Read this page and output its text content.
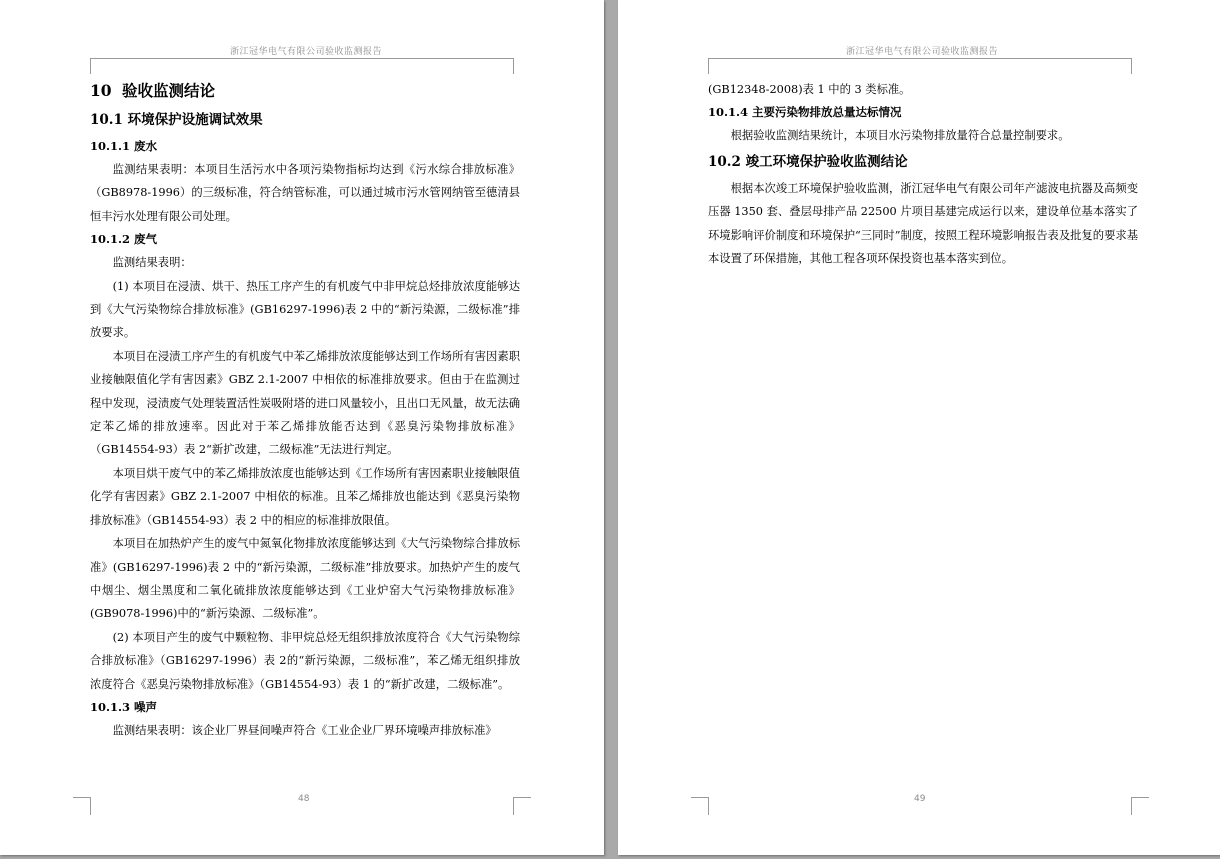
浙江冠华电气有限公司验收监测报告
48
10 验收监测结论
10.1 环境保护设施调试效果
10.1.1 废水

监测结果表明：本项目生活污水中各项污染物指标均达到《污水综合排放标准》（GB8978-1996）的三级标准，符合纳管标准，可以通过城市污水管网纳管至德清县恒丰污水处理有限公司处理。

10.1.2 废气

监测结果表明：

(1) 本项目在浸渍、烘干、热压工序产生的有机废气中非甲烷总烃排放浓度能够达到《大气污染物综合排放标准》(GB16297-1996)表 2 中的“新污染源，二级标准”排放要求。

本项目在浸渍工序产生的有机废气中苯乙烯排放浓度能够达到工作场所有害因素职业接触限值化学有害因素》GBZ 2.1-2007 中相依的标准排放要求。但由于在监测过程中发现，浸渍废气处理装置活性炭吸附塔的进口风量较小，且出口无风量，故无法确定苯乙烯的排放速率。因此对于苯乙烯排放能否达到《恶臭污染物排放标准》（GB14554-93）表 2“新扩改建，二级标准”无法进行判定。

本项目烘干废气中的苯乙烯排放浓度也能够达到《工作场所有害因素职业接触限值化学有害因素》GBZ 2.1-2007 中相依的标准。且苯乙烯排放也能达到《恶臭污染物排放标准》（GB14554-93）表 2 中的相应的标准排放限值。

本项目在加热炉产生的废气中氮氧化物排放浓度能够达到《大气污染物综合排放标准》(GB16297-1996)表 2 中的“新污染源，二级标准”排放要求。加热炉产生的废气中烟尘、烟尘黑度和二氧化硫排放浓度能够达到《工业炉窑大气污染物排放标准》(GB9078-1996)中的“新污染源、二级标准”。

(2) 本项目产生的废气中颗粒物、非甲烷总烃无组织排放浓度符合《大气污染物综合排放标准》（GB16297-1996）表 2的“新污染源，二级标准”，苯乙烯无组织排放浓度符合《恶臭污染物排放标准》（GB14554-93）表 1 的“新扩改建，二级标准”。

10.1.3 噪声

监测结果表明：该企业厂界昼间噪声符合《工业企业厂界环境噪声排放标准》

浙江冠华电气有限公司验收监测报告
49

(GB12348-2008)表 1 中的 3 类标准。

10.1.4 主要污染物排放总量达标情况

根据验收监测结果统计，本项目水污染物排放量符合总量控制要求。

10.2 竣工环境保护验收监测结论

根据本次竣工环境保护验收监测，浙江冠华电气有限公司年产滤波电抗器及高频变压器 1350 套、叠层母排产品 22500 片项目基建完成运行以来，建设单位基本落实了环境影响评价制度和环境保护“三同时”制度，按照工程环境影响报告表及批复的要求基本设置了环保措施，其他工程各项环保投资也基本落实到位。
